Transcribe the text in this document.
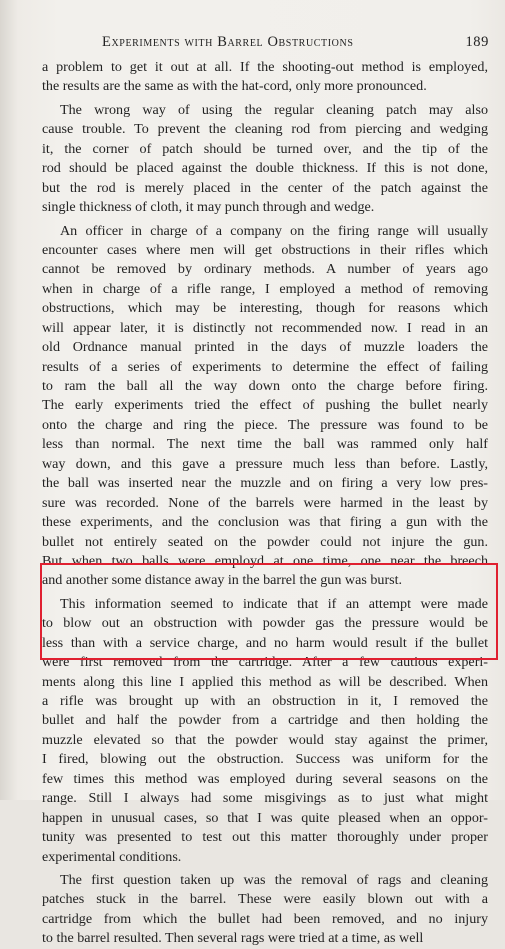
Experiments with Barrel Obstructions	189

a problem to get it out at all. If the shooting-out method is employed,
the results are the same as with the hat-cord, only more pronounced.

The wrong way of using the regular cleaning patch may also
cause trouble. To prevent the cleaning rod from piercing and wedging
it, the corner of patch should be turned over, and the tip of the
rod should be placed against the double thickness. If this is not done,
but the rod is merely placed in the center of the patch against the
single thickness of cloth, it may punch through and wedge.

An officer in charge of a company on the firing range will usually
encounter cases where men will get obstructions in their rifles which
cannot be removed by ordinary methods. A number of years ago
when in charge of a rifle range, I employed a method of removing
obstructions, which may be interesting, though for reasons which
will appear later, it is distinctly not recommended now. I read in an
old Ordnance manual printed in the days of muzzle loaders the
results of a series of experiments to determine the effect of failing
to ram the ball all the way down onto the charge before firing.
The early experiments tried the effect of pushing the bullet nearly
onto the charge and ring the piece. The pressure was found to be
less than normal. The next time the ball was rammed only half
way down, and this gave a pressure much less than before. Lastly,
the ball was inserted near the muzzle and on firing a very low pres-
sure was recorded. None of the barrels were harmed in the least by
these experiments, and the conclusion was that firing a gun with the
bullet not entirely seated on the powder could not injure the gun.
But when two balls were employd at one time, one near the breech
and another some distance away in the barrel the gun was burst.

This information seemed to indicate that if an attempt were made
to blow out an obstruction with powder gas the pressure would be
less than with a service charge, and no harm would result if the bullet
were first removed from the cartridge. After a few cautious experi-
ments along this line I applied this method as will be described. When
a rifle was brought up with an obstruction in it, I removed the
bullet and half the powder from a cartridge and then holding the
muzzle elevated so that the powder would stay against the primer,
I fired, blowing out the obstruction. Success was uniform for the
few times this method was employed during several seasons on the
range. Still I always had some misgivings as to just what might
happen in unusual cases, so that I was quite pleased when an oppor-
tunity was presented to test out this matter thoroughly under proper
experimental conditions.

The first question taken up was the removal of rags and cleaning
patches stuck in the barrel. These were easily blown out with a
cartridge from which the bullet had been removed, and no injury
to the barrel resulted. Then several rags were tried at a time, as well
